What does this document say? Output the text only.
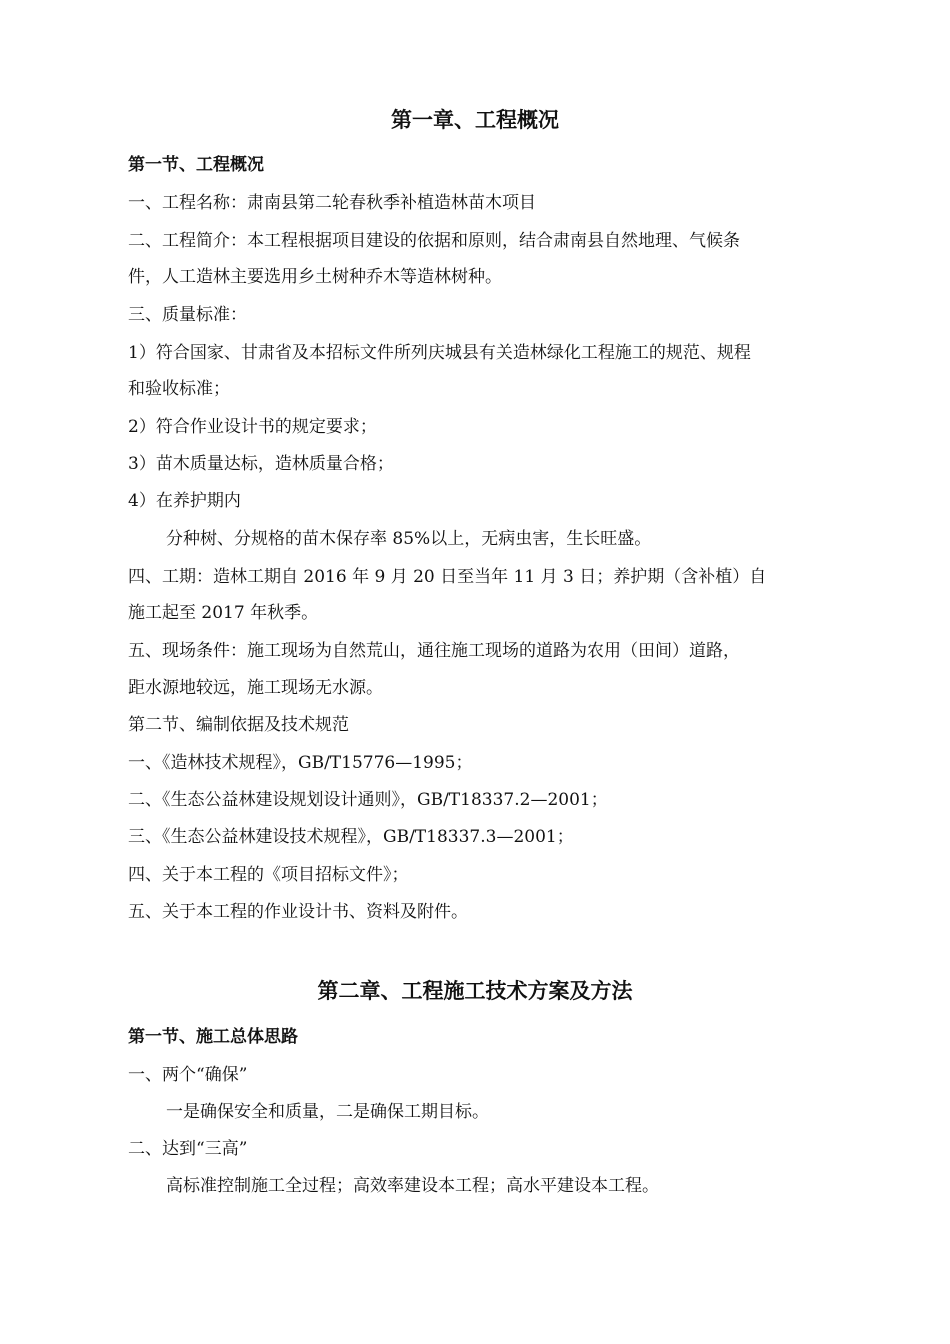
第一章、工程概况
第一节、工程概况
一、工程名称：肃南县第二轮春秋季补植造林苗木项目
二、工程简介：本工程根据项目建设的依据和原则，结合肃南县自然地理、气候条
件，人工造林主要选用乡土树种乔木等造林树种。
三、质量标准：
1）符合国家、甘肃省及本招标文件所列庆城县有关造林绿化工程施工的规范、规程
和验收标准；
2）符合作业设计书的规定要求；
3）苗木质量达标，造林质量合格；
4）在养护期内
分种树、分规格的苗木保存率 85%以上，无病虫害，生长旺盛。
四、工期：造林工期自 2016 年 9 月 20 日至当年 11 月 3 日；养护期（含补植）自
施工起至 2017 年秋季。
五、现场条件：施工现场为自然荒山，通往施工现场的道路为农用（田间）道路，
距水源地较远，施工现场无水源。
第二节、编制依据及技术规范
一、《造林技术规程》，GB/T15776—1995；
二、《生态公益林建设规划设计通则》，GB/T18337.2—2001；
三、《生态公益林建设技术规程》，GB/T18337.3—2001；
四、关于本工程的《项目招标文件》；
五、关于本工程的作业设计书、资料及附件。
第二章、工程施工技术方案及方法
第一节、施工总体思路
一、两个“确保”
一是确保安全和质量，二是确保工期目标。
二、达到“三高”
高标准控制施工全过程；高效率建设本工程；高水平建设本工程。
